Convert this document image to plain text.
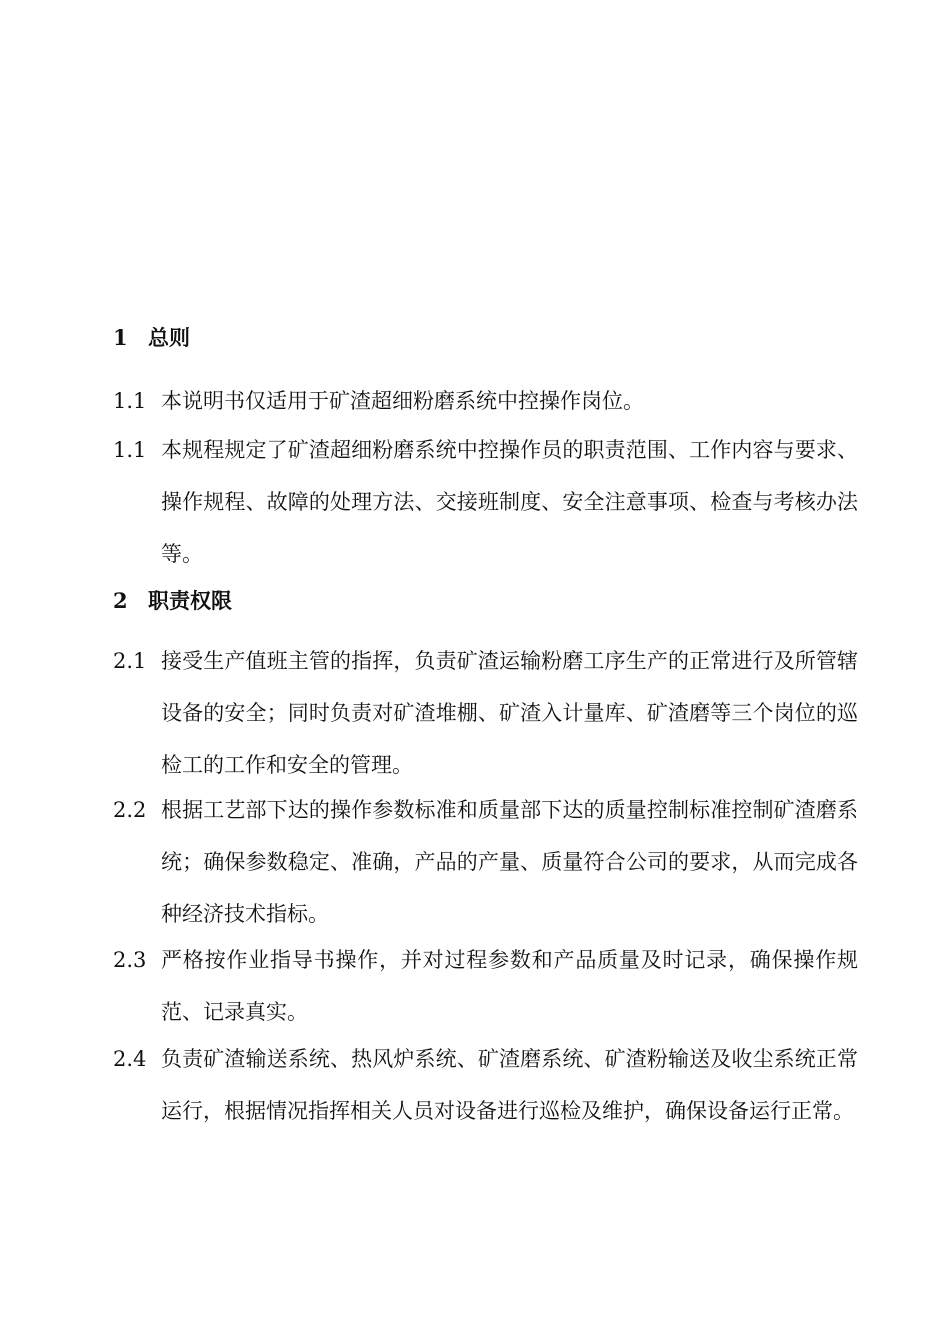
1 总则
1.1 本说明书仅适用于矿渣超细粉磨系统中控操作岗位。
1.1 本规程规定了矿渣超细粉磨系统中控操作员的职责范围、工作内容与要求、操作规程、故障的处理方法、交接班制度、安全注意事项、检查与考核办法等。
2 职责权限
2.1 接受生产值班主管的指挥，负责矿渣运输粉磨工序生产的正常进行及所管辖设备的安全；同时负责对矿渣堆棚、矿渣入计量库、矿渣磨等三个岗位的巡检工的工作和安全的管理。
2.2 根据工艺部下达的操作参数标准和质量部下达的质量控制标准控制矿渣磨系统；确保参数稳定、准确，产品的产量、质量符合公司的要求，从而完成各种经济技术指标。
2.3 严格按作业指导书操作，并对过程参数和产品质量及时记录，确保操作规范、记录真实。
2.4 负责矿渣输送系统、热风炉系统、矿渣磨系统、矿渣粉输送及收尘系统正常运行，根据情况指挥相关人员对设备进行巡检及维护，确保设备运行正常。
